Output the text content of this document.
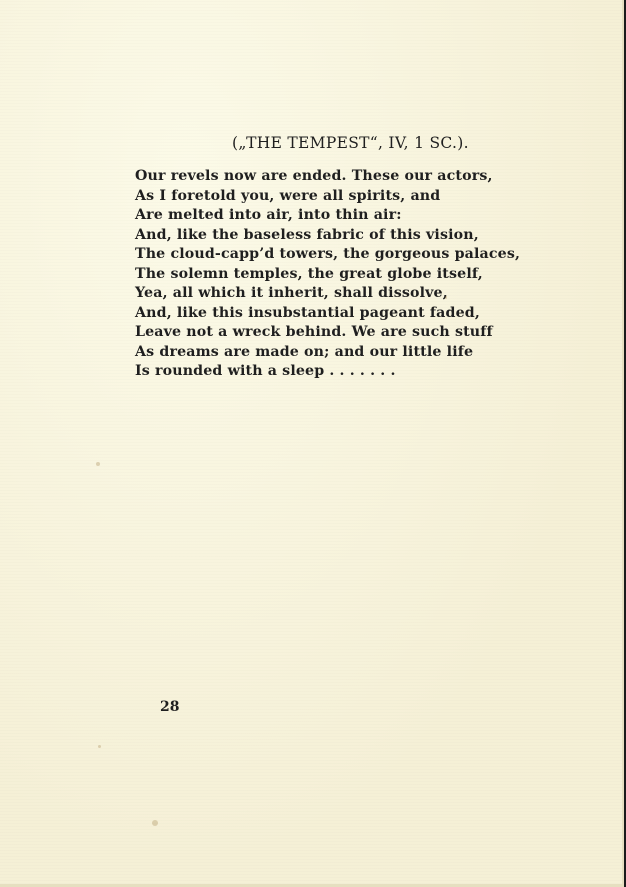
(„THE TEMPEST“, IV, 1 SC.).
Our revels now are ended. These our actors,
As I foretold you, were all spirits, and
Are melted into air, into thin air:
And, like the baseless fabric of this vision,
The cloud-capp’d towers, the gorgeous palaces,
The solemn temples, the great globe itself,
Yea, all which it inherit, shall dissolve,
And, like this insubstantial pageant faded,
Leave not a wreck behind. We are such stuff
As dreams are made on; and our little life
Is rounded with a sleep . . . . . . .
28
